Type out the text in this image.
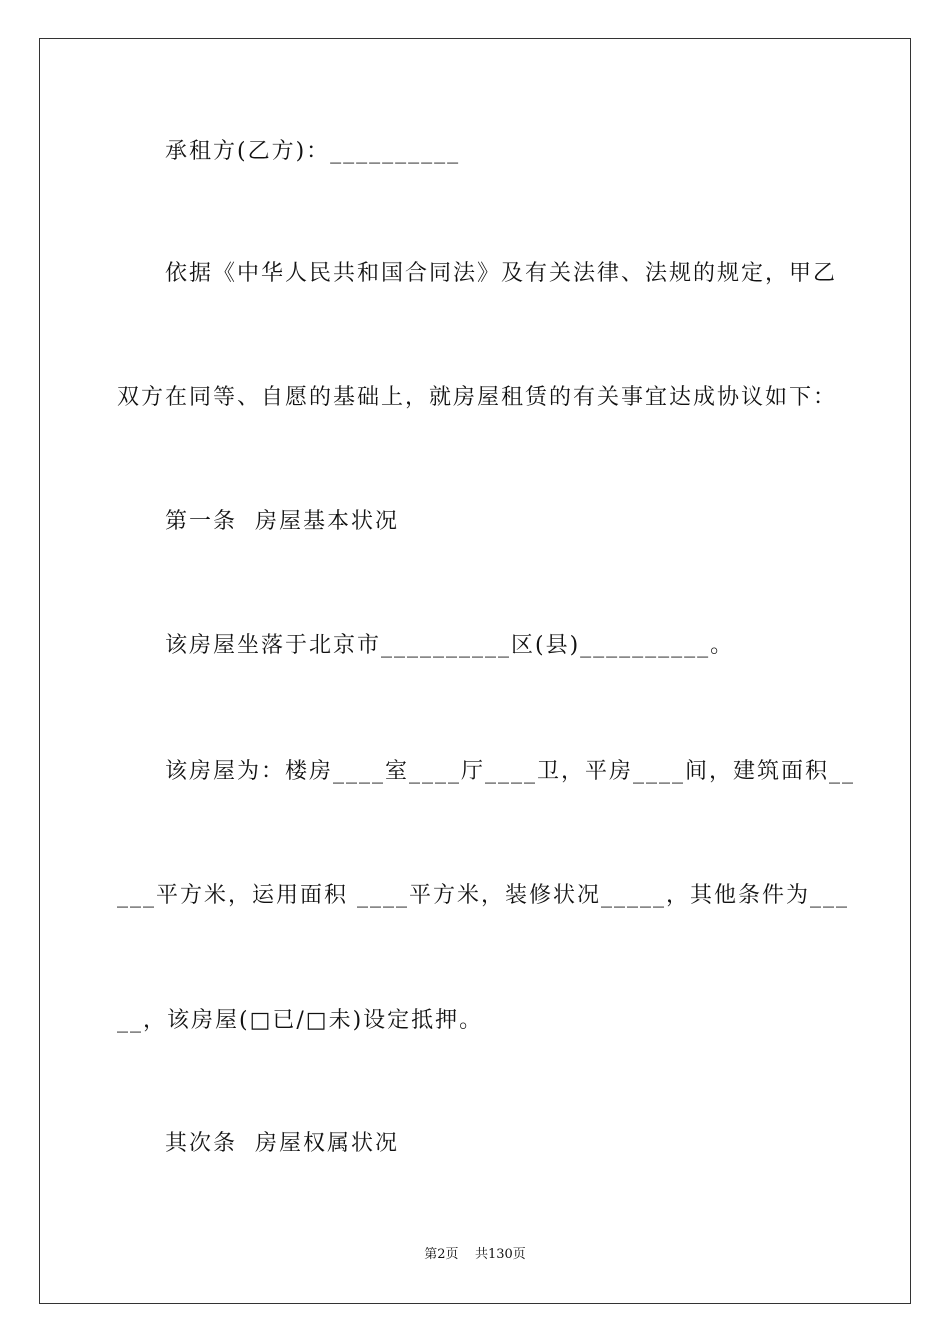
承租方(乙方)：__________
依据《中华人民共和国合同法》及有关法律、法规的规定，甲乙
双方在同等、自愿的基础上，就房屋租赁的有关事宜达成协议如下：
第一条  房屋基本状况
该房屋坐落于北京市__________区(县)__________。
该房屋为：楼房____室____厅____卫，平房____间，建筑面积__
___平方米，运用面积 ____平方米，装修状况_____，其他条件为___
__，该房屋(□已/□未)设定抵押。
其次条  房屋权属状况
第2页    共130页
